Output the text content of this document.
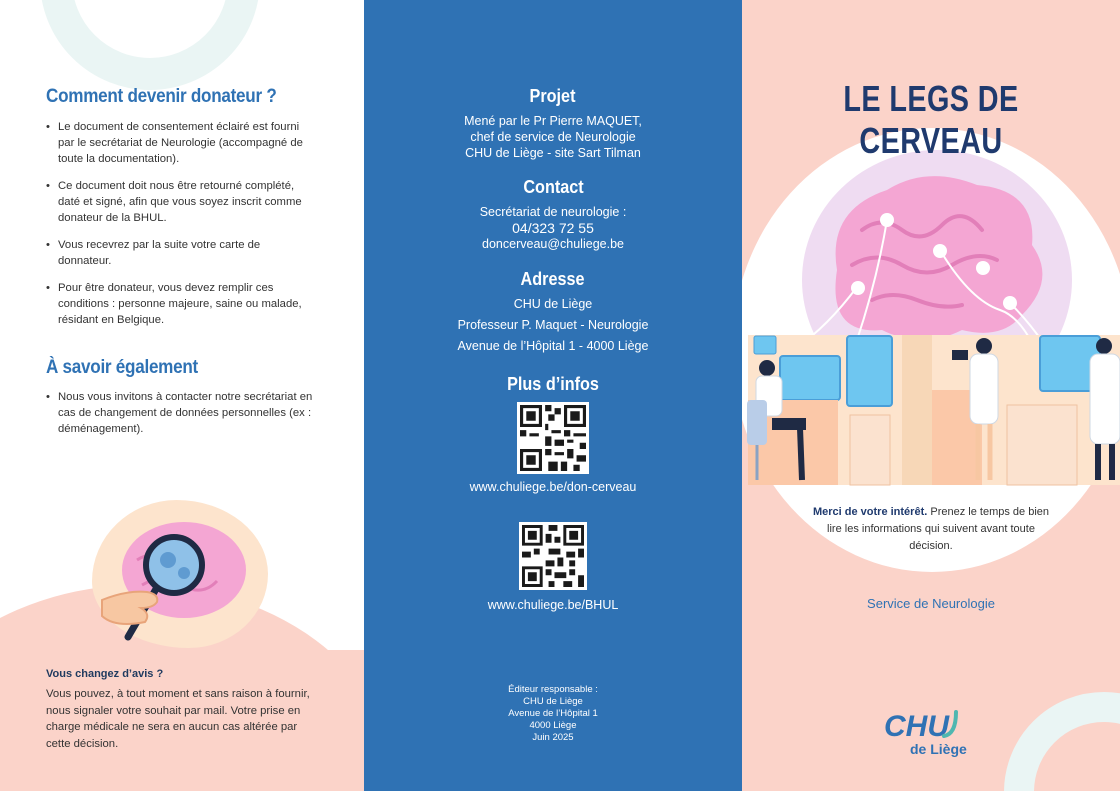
Comment devenir donateur ?
• Le document de consentement éclairé est fourni par le secrétariat de Neurologie (accompagné de toute la documentation).
• Ce document doit nous être retourné complété, daté et signé, afin que vous soyez inscrit comme donateur de la BHUL.
• Vous recevrez par la suite votre carte de donnateur.
• Pour être donateur, vous devez remplir ces conditions : personne majeure, saine ou malade, résidant en Belgique.
À savoir également
• Nous vous invitons à contacter notre secrétariat en cas de changement de données personnelles (ex : déménagement).
Vous changez d’avis ?
Vous pouvez, à tout moment et sans raison à fournir, nous signaler votre souhait par mail. Votre prise en charge médicale ne sera en aucun cas altérée par cette décision.
Projet
Mené par le Pr Pierre MAQUET,
chef de service de Neurologie
CHU de Liège - site Sart Tilman
Contact
Secrétariat de neurologie :
04/323 72 55
doncerveau@chuliege.be
Adresse
CHU de Liège
Professeur P. Maquet - Neurologie
Avenue de l’Hôpital 1 - 4000 Liège
Plus d’infos
www.chuliege.be/don-cerveau
www.chuliege.be/BHUL
Éditeur responsable :
CHU de Liège
Avenue de l’Hôpital 1
4000 Liège
Juin 2025
LE LEGS DE CERVEAU
Merci de votre intérêt. Prenez le temps de bien lire les informations qui suivent avant toute décision.
Service de Neurologie
CHU
de Liège
